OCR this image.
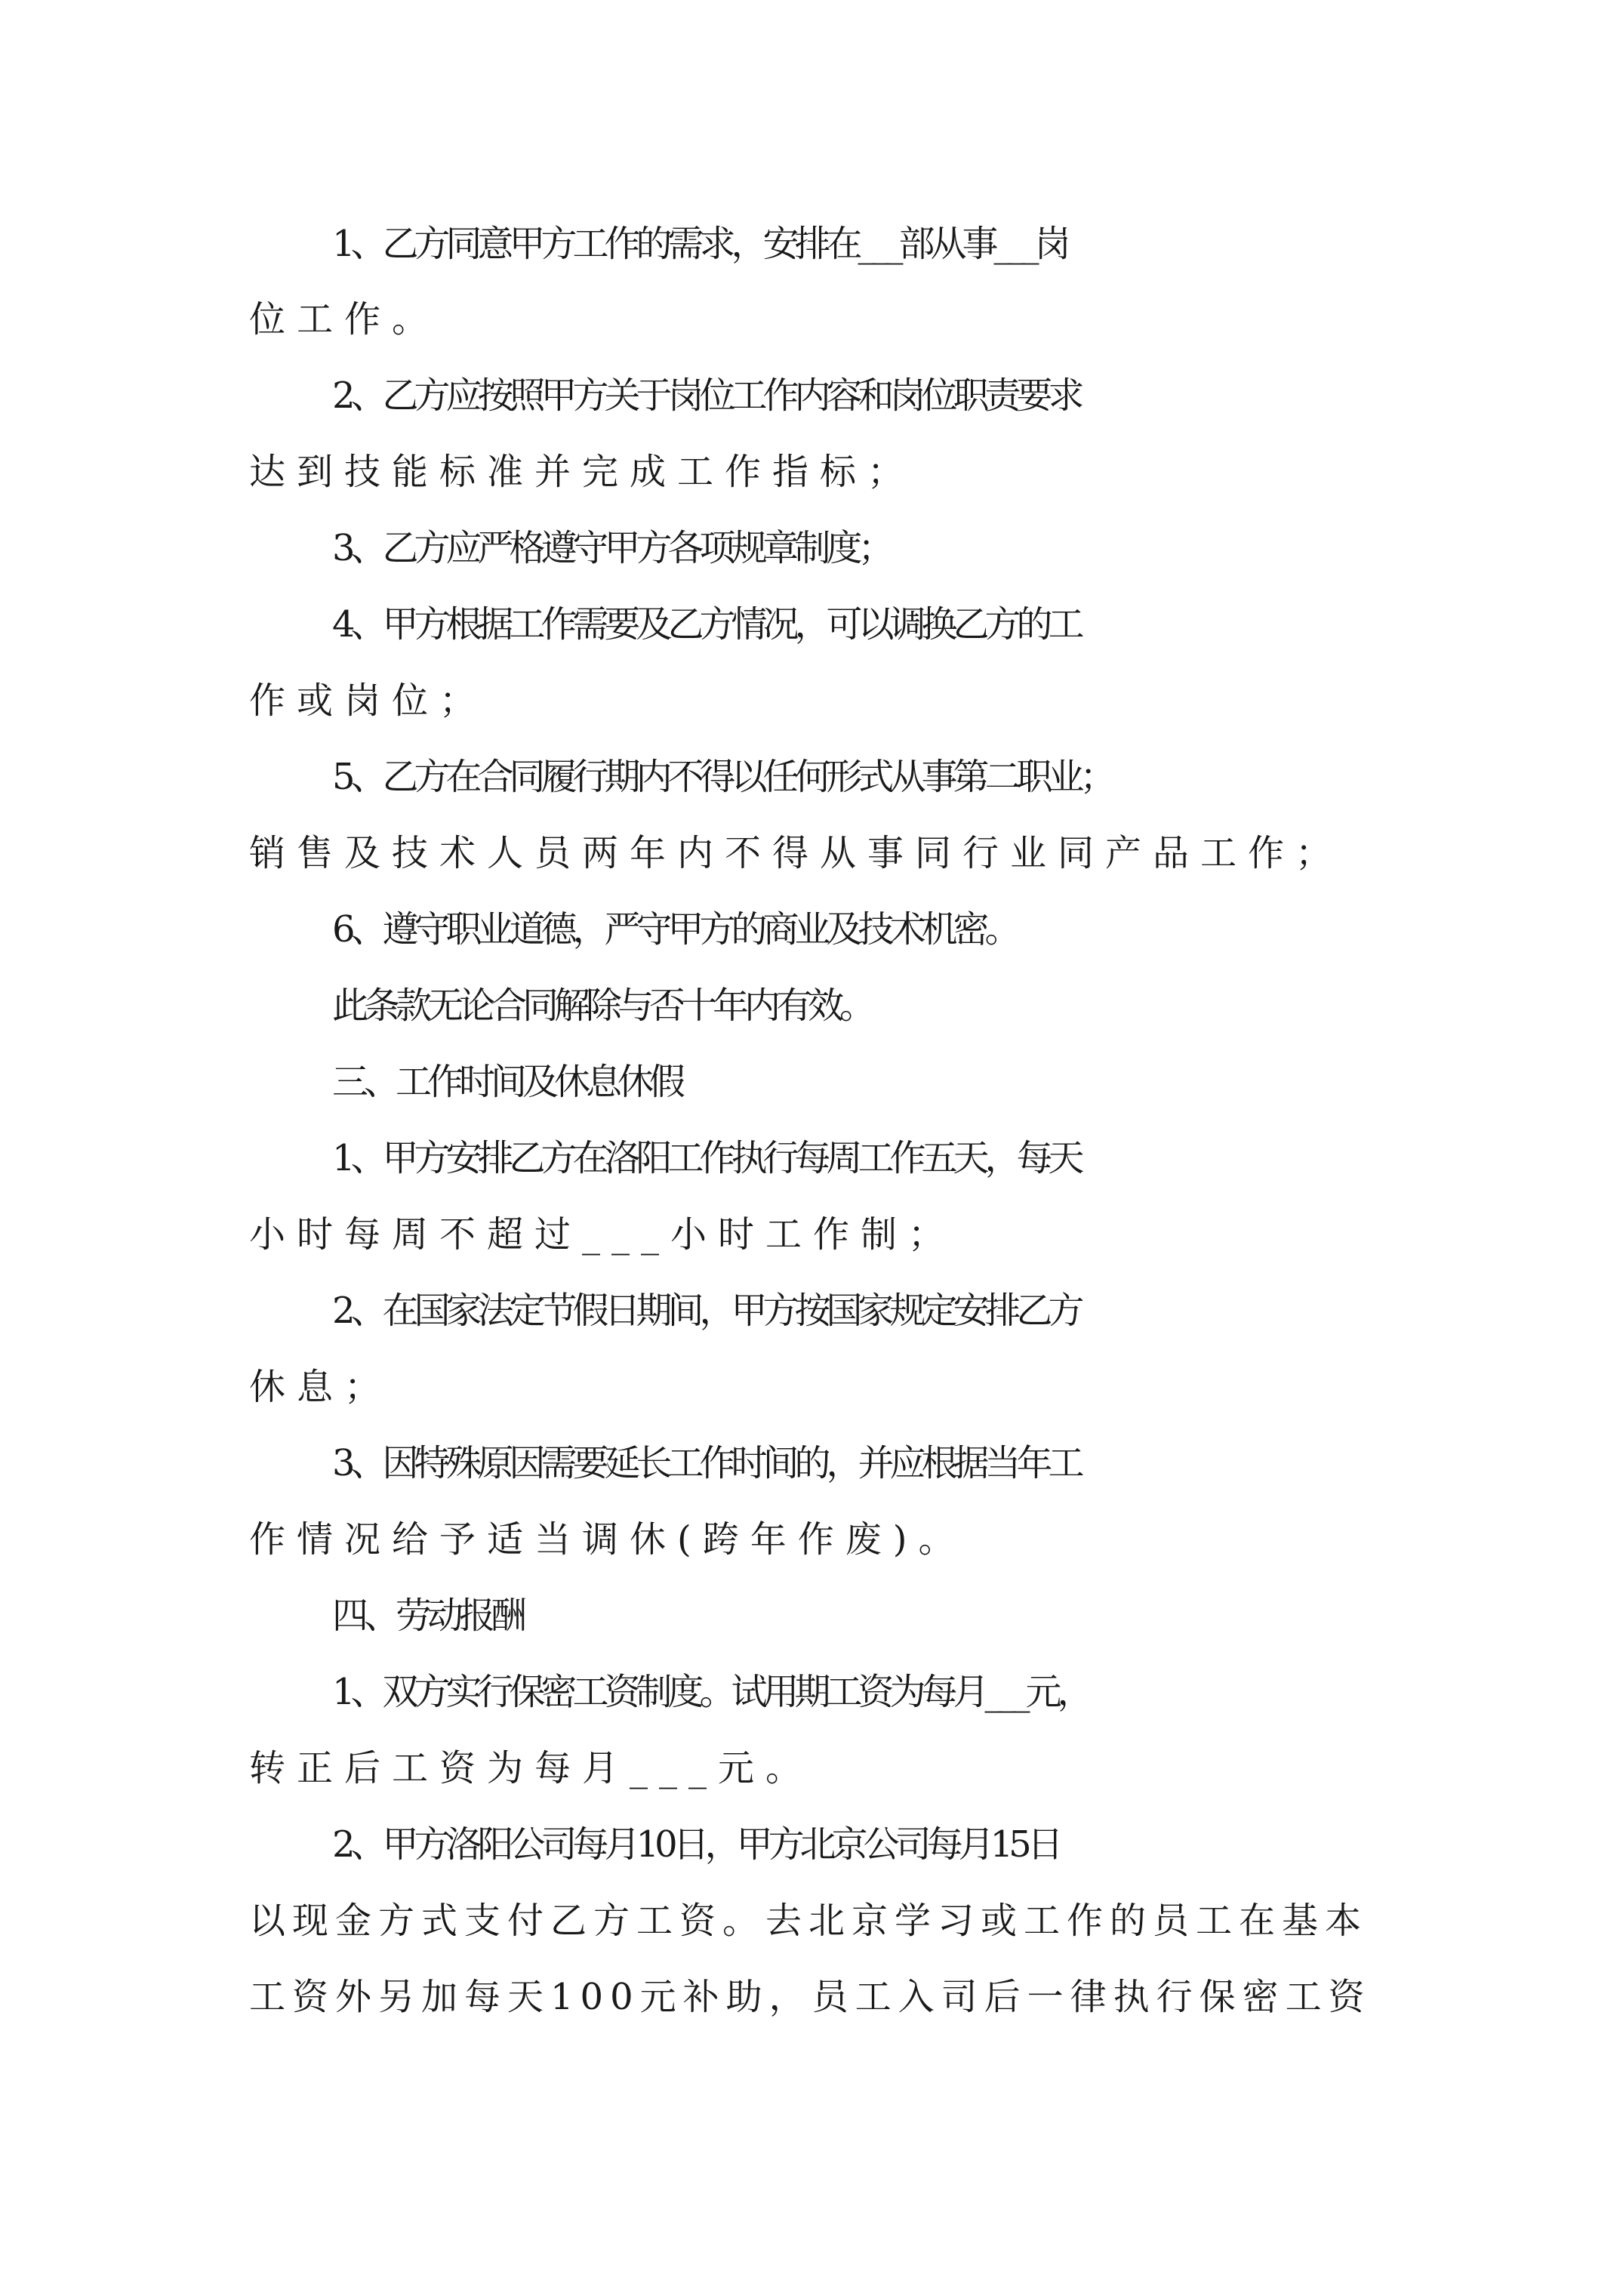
1、乙方同意甲方工作的需求，安排在___部从事___岗
位工作。
2、乙方应按照甲方关于岗位工作内容和岗位职责要求
达到技能标准并完成工作指标；
3、乙方应严格遵守甲方各项规章制度；
4、甲方根据工作需要及乙方情况，可以调换乙方的工
作或岗位；
5、乙方在合同履行期内不得以任何形式从事第二职业；
销售及技术人员两年内不得从事同行业同产品工作；
6、遵守职业道德，严守甲方的商业及技术机密。
此条款无论合同解除与否十年内有效。
三、工作时间及休息休假
1、甲方安排乙方在洛阳工作执行每周工作五天，每天
小时每周不超过___小时工作制；
2、在国家法定节假日期间，甲方按国家规定安排乙方
休息；
3、因特殊原因需要延长工作时间的，并应根据当年工
作情况给予适当调休(跨年作废)。
四、劳动报酬
1、双方实行保密工资制度。试用期工资为每月___元，
转正后工资为每月___元。
2、甲方洛阳公司每月10日，甲方北京公司每月15日
以现金方式支付乙方工资。去北京学习或工作的员工在基本
工资外另加每天100元补助，员工入司后一律执行保密工资
